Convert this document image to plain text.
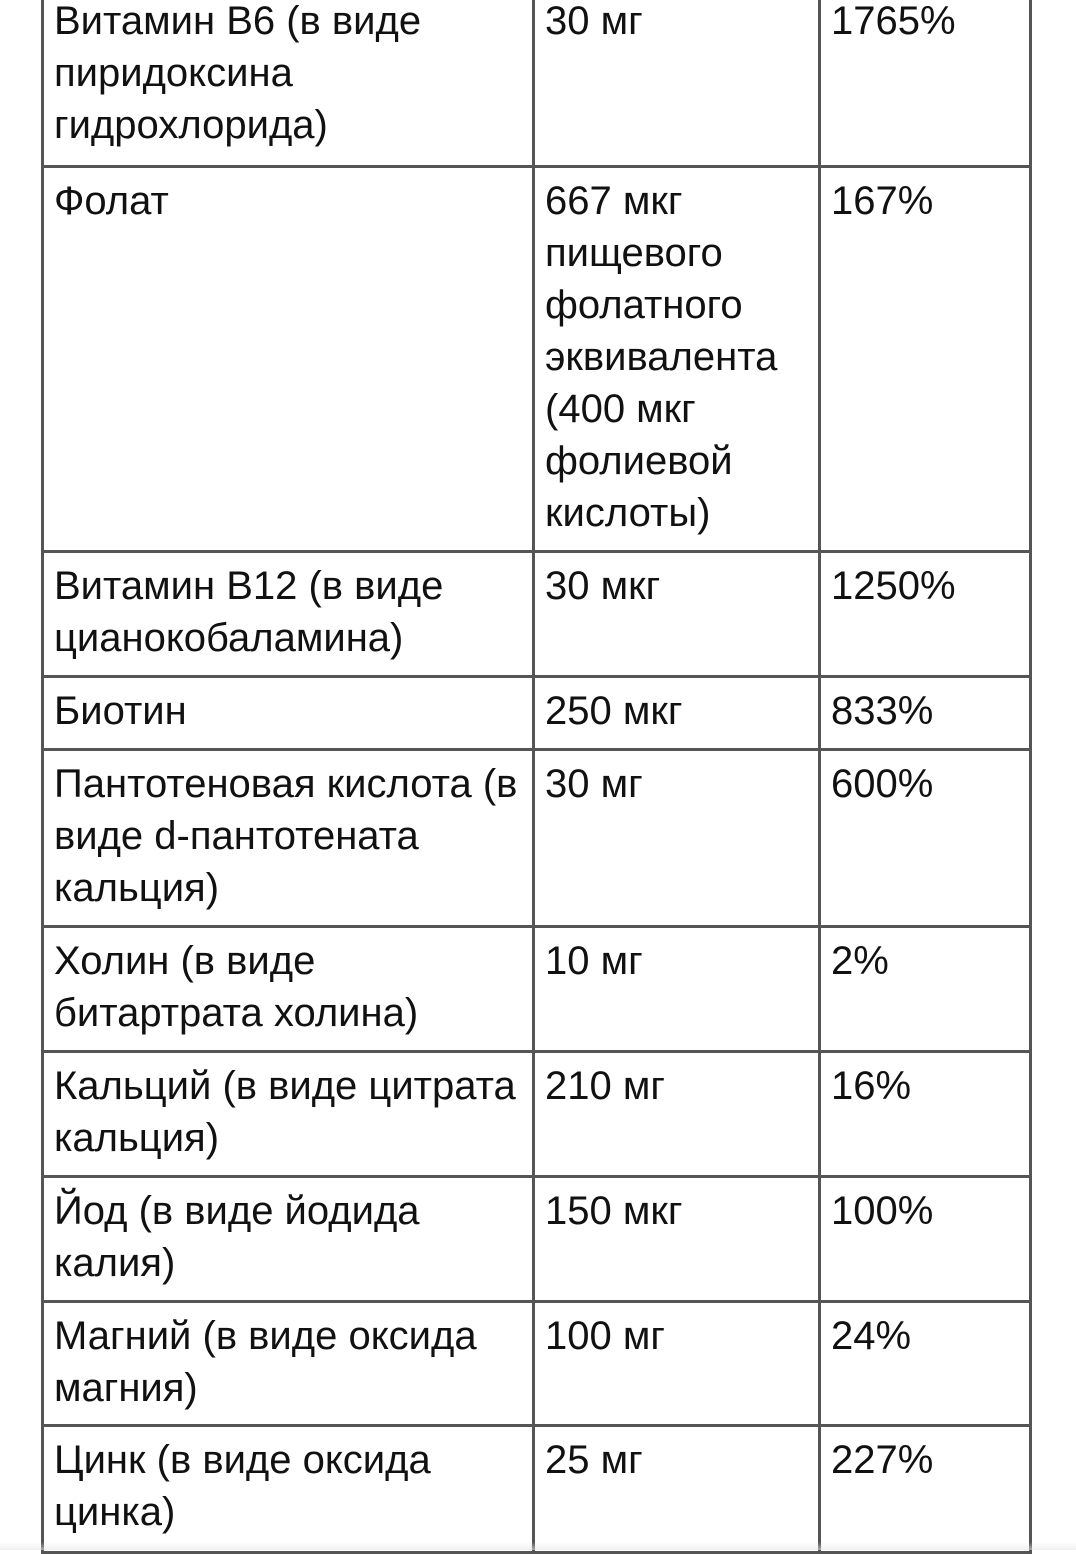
Витамин B6 (в виде пиридоксина гидрохлорида)	30 мг	1765%
Фолат	667 мкг пищевого фолатного эквивалента (400 мкг фолиевой кислоты)	167%
Витамин B12 (в виде цианокобаламина)	30 мкг	1250%
Биотин	250 мкг	833%
Пантотеновая кислота (в виде d-пантотената кальция)	30 мг	600%
Холин (в виде битартрата холина)	10 мг	2%
Кальций (в виде цитрата кальция)	210 мг	16%
Йод (в виде йодида калия)	150 мкг	100%
Магний (в виде оксида магния)	100 мг	24%
Цинк (в виде оксида цинка)	25 мг	227%
